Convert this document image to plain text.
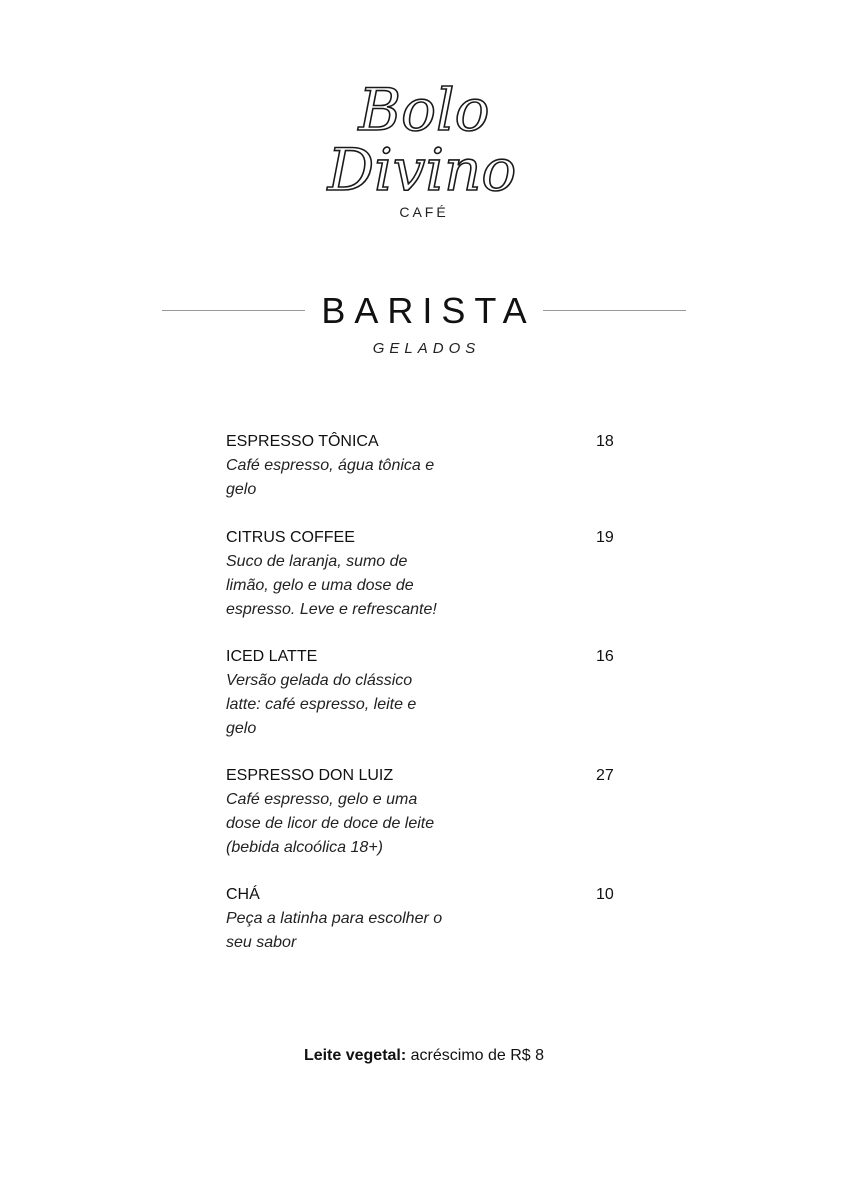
Bolo
Divino
CAFÉ
BARISTA
GELADOS
ESPRESSO TÔNICA	18
Café espresso, água tônica e
gelo
CITRUS COFFEE	19
Suco de laranja, sumo de
limão, gelo e uma dose de
espresso. Leve e refrescante!
ICED LATTE	16
Versão gelada do clássico
latte: café espresso, leite e
gelo
ESPRESSO DON LUIZ	27
Café espresso, gelo e uma
dose de licor de doce de leite
(bebida alcoólica 18+)
CHÁ	10
Peça a latinha para escolher o
seu sabor
Leite vegetal: acréscimo de R$ 8
